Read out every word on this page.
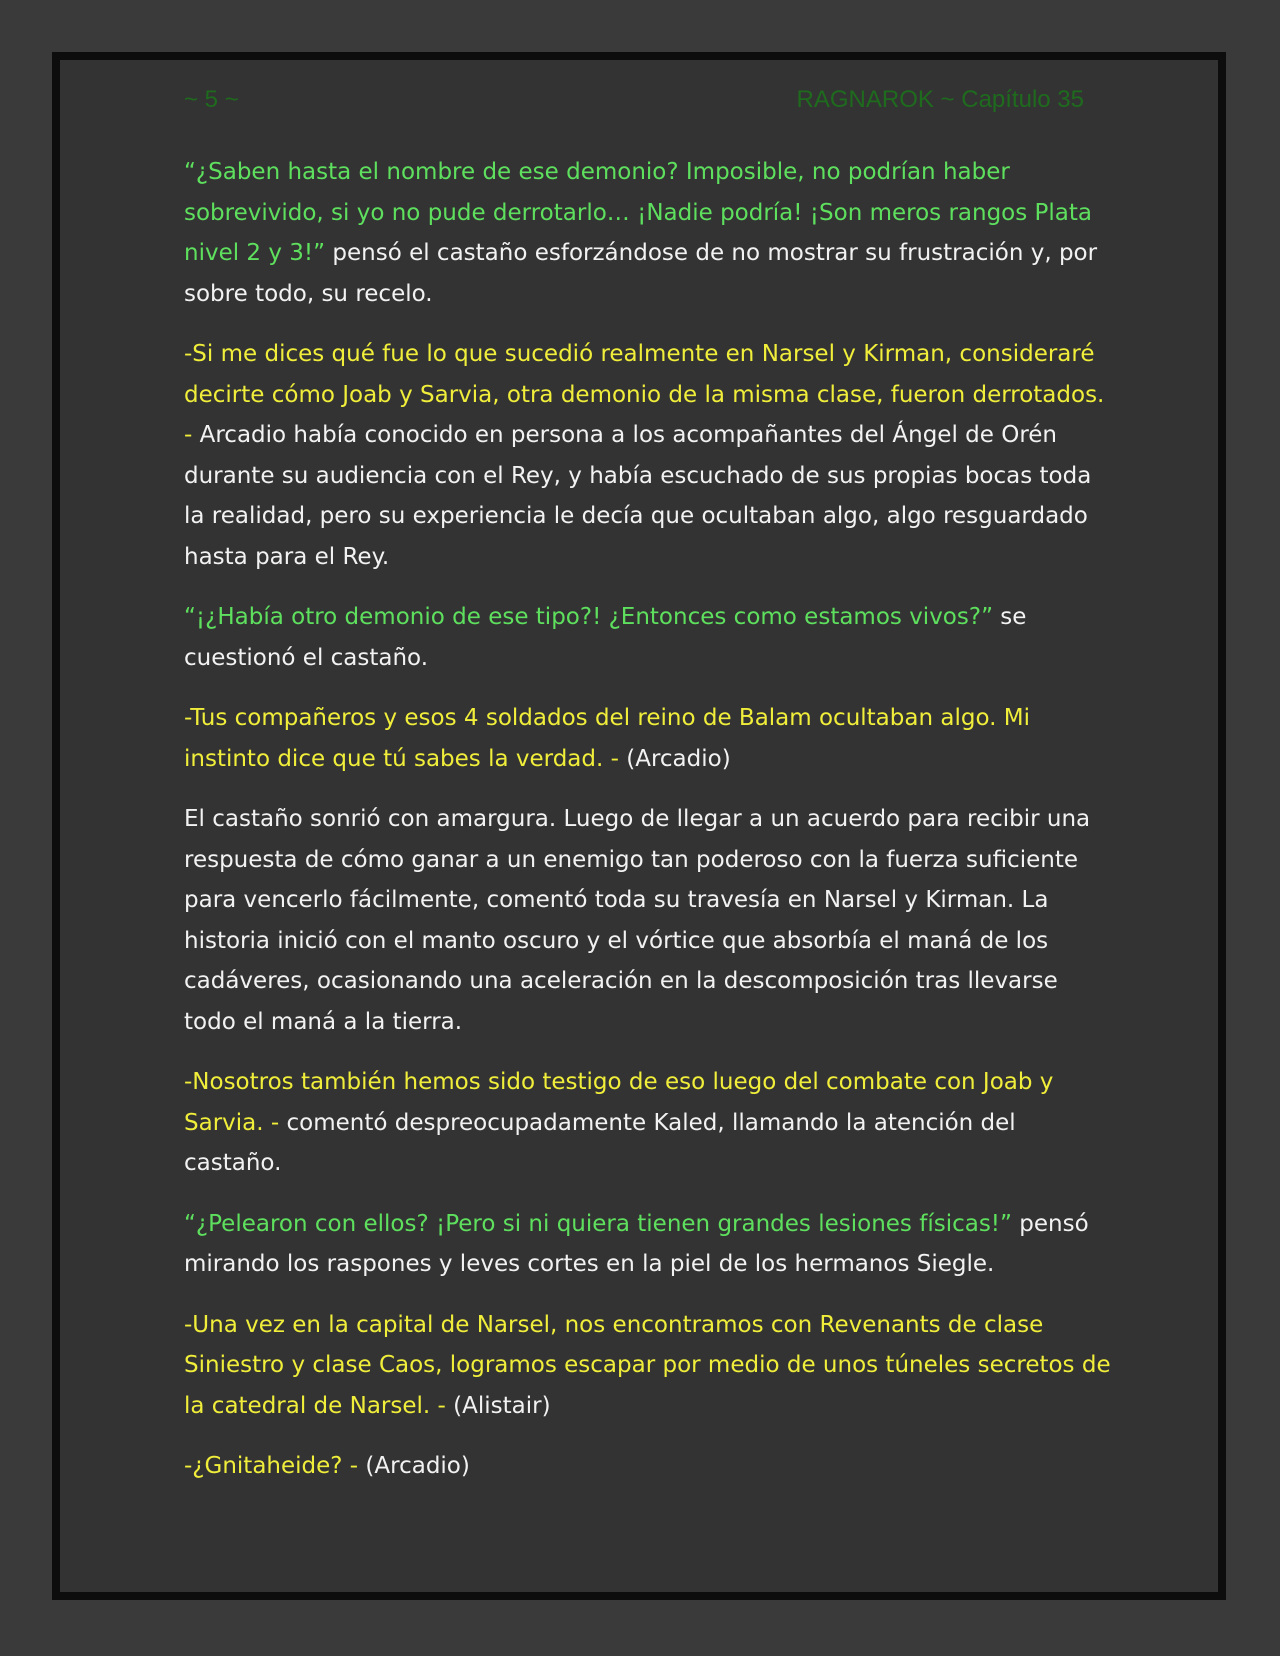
~ 5 ~	RAGNAROK ~ Capítulo 35

“¿Saben hasta el nombre de ese demonio? Imposible, no podrían haber sobrevivido, si yo no pude derrotarlo… ¡Nadie podría! ¡Son meros rangos Plata nivel 2 y 3!” pensó el castaño esforzándose de no mostrar su frustración y, por sobre todo, su recelo.

-Si me dices qué fue lo que sucedió realmente en Narsel y Kirman, consideraré decirte cómo Joab y Sarvia, otra demonio de la misma clase, fueron derrotados. - Arcadio había conocido en persona a los acompañantes del Ángel de Orén durante su audiencia con el Rey, y había escuchado de sus propias bocas toda la realidad, pero su experiencia le decía que ocultaban algo, algo resguardado hasta para el Rey.

“¡¿Había otro demonio de ese tipo?! ¿Entonces como estamos vivos?” se cuestionó el castaño.

-Tus compañeros y esos 4 soldados del reino de Balam ocultaban algo. Mi instinto dice que tú sabes la verdad. - (Arcadio)

El castaño sonrió con amargura. Luego de llegar a un acuerdo para recibir una respuesta de cómo ganar a un enemigo tan poderoso con la fuerza suficiente para vencerlo fácilmente, comentó toda su travesía en Narsel y Kirman. La historia inició con el manto oscuro y el vórtice que absorbía el maná de los cadáveres, ocasionando una aceleración en la descomposición tras llevarse todo el maná a la tierra.

-Nosotros también hemos sido testigo de eso luego del combate con Joab y Sarvia. - comentó despreocupadamente Kaled, llamando la atención del castaño.

“¿Pelearon con ellos? ¡Pero si ni quiera tienen grandes lesiones físicas!” pensó mirando los raspones y leves cortes en la piel de los hermanos Siegle.

-Una vez en la capital de Narsel, nos encontramos con Revenants de clase Siniestro y clase Caos, logramos escapar por medio de unos túneles secretos de la catedral de Narsel. - (Alistair)

-¿Gnitaheide? - (Arcadio)
